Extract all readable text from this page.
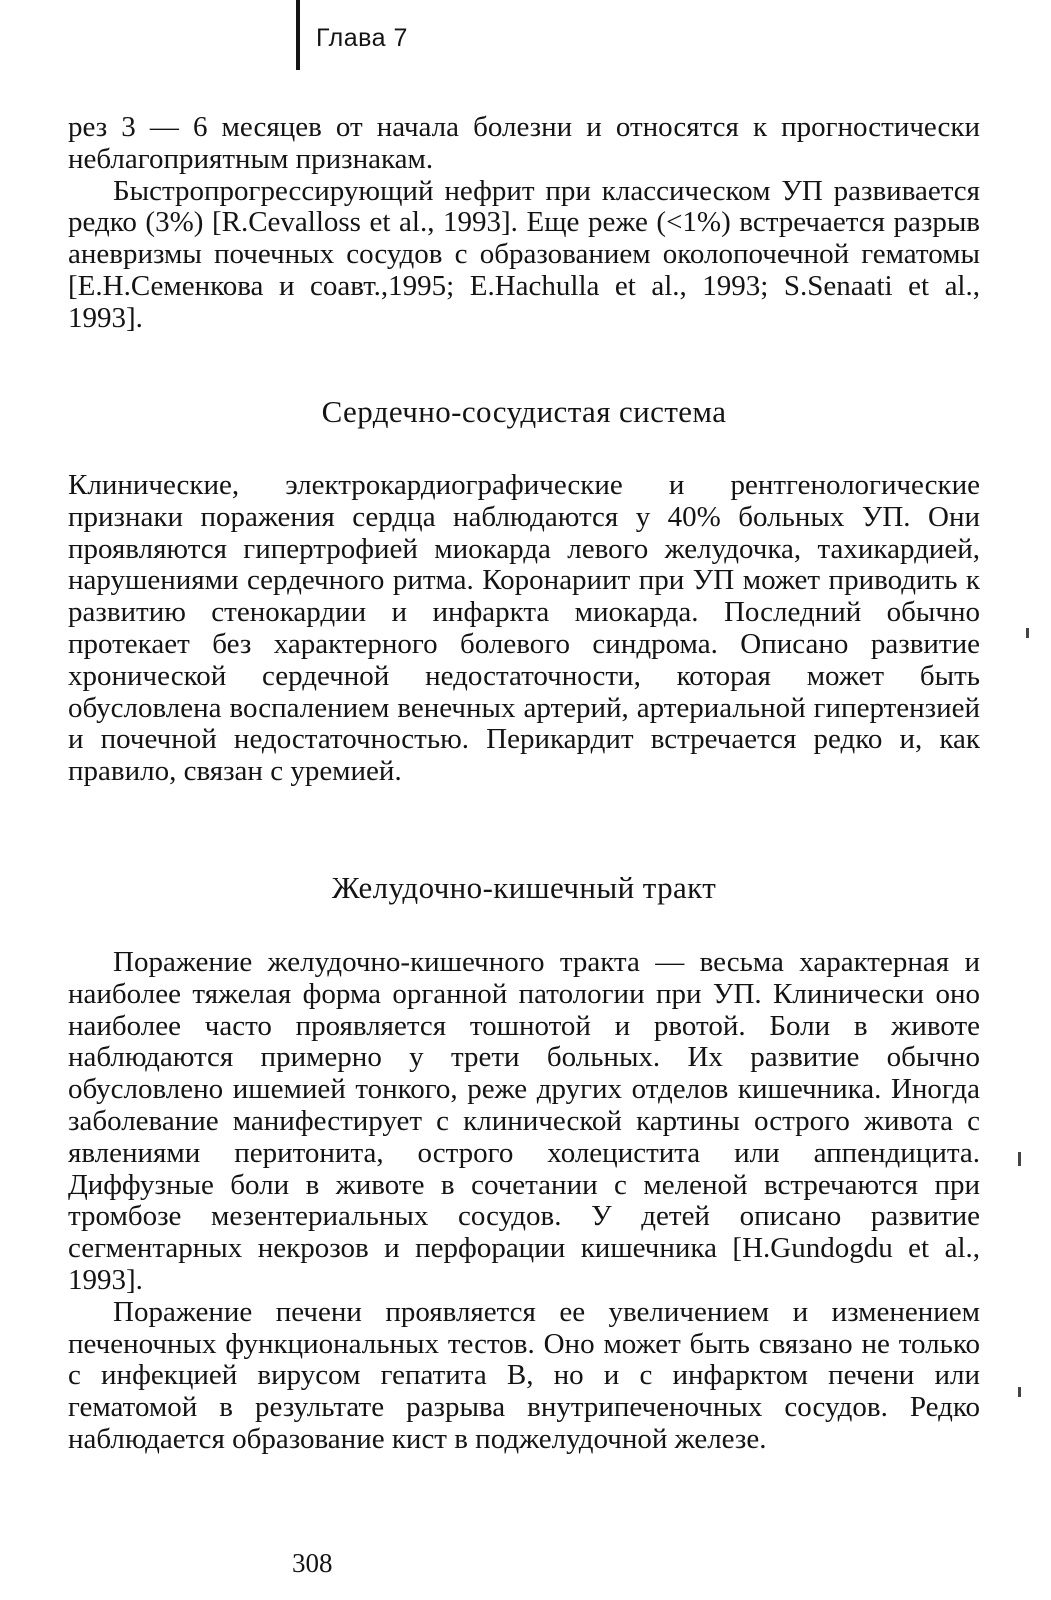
Глава 7

рез 3 — 6 месяцев от начала болезни и относятся к прогностически неблагоприятным признакам.

Быстропрогрессирующий нефрит при классическом УП развивается редко (3%) [R.Cevalloss et al., 1993]. Еще реже (<1%) встречается разрыв аневризмы почечных сосудов с образованием околопочечной гематомы [Е.Н.Семенкова и соавт.,1995; E.Hachulla et al., 1993; S.Senaati et al., 1993].

Сердечно-сосудистая система

Клинические, электрокардиографические и рентгенологические признаки поражения сердца наблюдаются у 40% больных УП. Они проявляются гипертрофией миокарда левого желудочка, тахикардией, нарушениями сердечного ритма. Коронариит при УП может приводить к развитию стенокардии и инфаркта миокарда. Последний обычно протекает без характерного болевого синдрома. Описано развитие хронической сердечной недостаточности, которая может быть обусловлена воспалением венечных артерий, артериальной гипертензией и почечной недостаточностью. Перикардит встречается редко и, как правило, связан с уремией.

Желудочно-кишечный тракт

Поражение желудочно-кишечного тракта — весьма характерная и наиболее тяжелая форма органной патологии при УП. Клинически оно наиболее часто проявляется тошнотой и рвотой. Боли в животе наблюдаются примерно у трети больных. Их развитие обычно обусловлено ишемией тонкого, реже других отделов кишечника. Иногда заболевание манифестирует с клинической картины острого живота с явлениями перитонита, острого холецистита или аппендицита. Диффузные боли в животе в сочетании с меленой встречаются при тромбозе мезентериальных сосудов. У детей описано развитие сегментарных некрозов и перфорации кишечника [H.Gundogdu et al., 1993].

Поражение печени проявляется ее увеличением и изменением печеночных функциональных тестов. Оно может быть связано не только с инфекцией вирусом гепатита В, но и с инфарктом печени или гематомой в результате разрыва внутрипеченочных сосудов. Редко наблюдается образование кист в поджелудочной железе.

308
